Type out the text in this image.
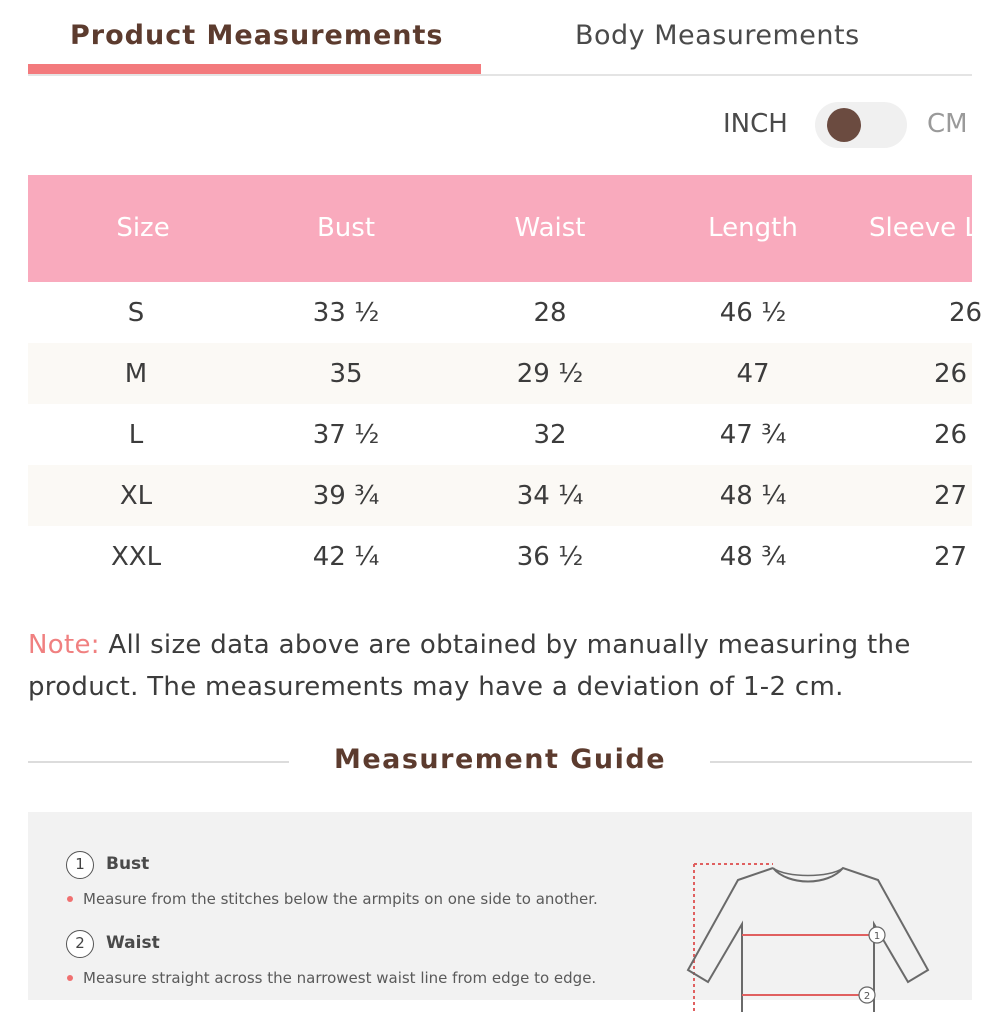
Product Measurements	Body Measurements
INCH	CM
Size	Bust	Waist	Length	Sleeve L
S	33 ½	28	46 ½	26
M	35	29 ½	47	26
L	37 ½	32	47 ¾	26
XL	39 ¾	34 ¼	48 ¼	27
XXL	42 ¼	36 ½	48 ¾	27

Note: All size data above are obtained by manually measuring the product. The measurements may have a deviation of 1-2 cm.

Measurement Guide
1	Bust
Measure from the stitches below the armpits on one side to another.
2	Waist
Measure straight across the narrowest waist line from edge to edge.
1
2
